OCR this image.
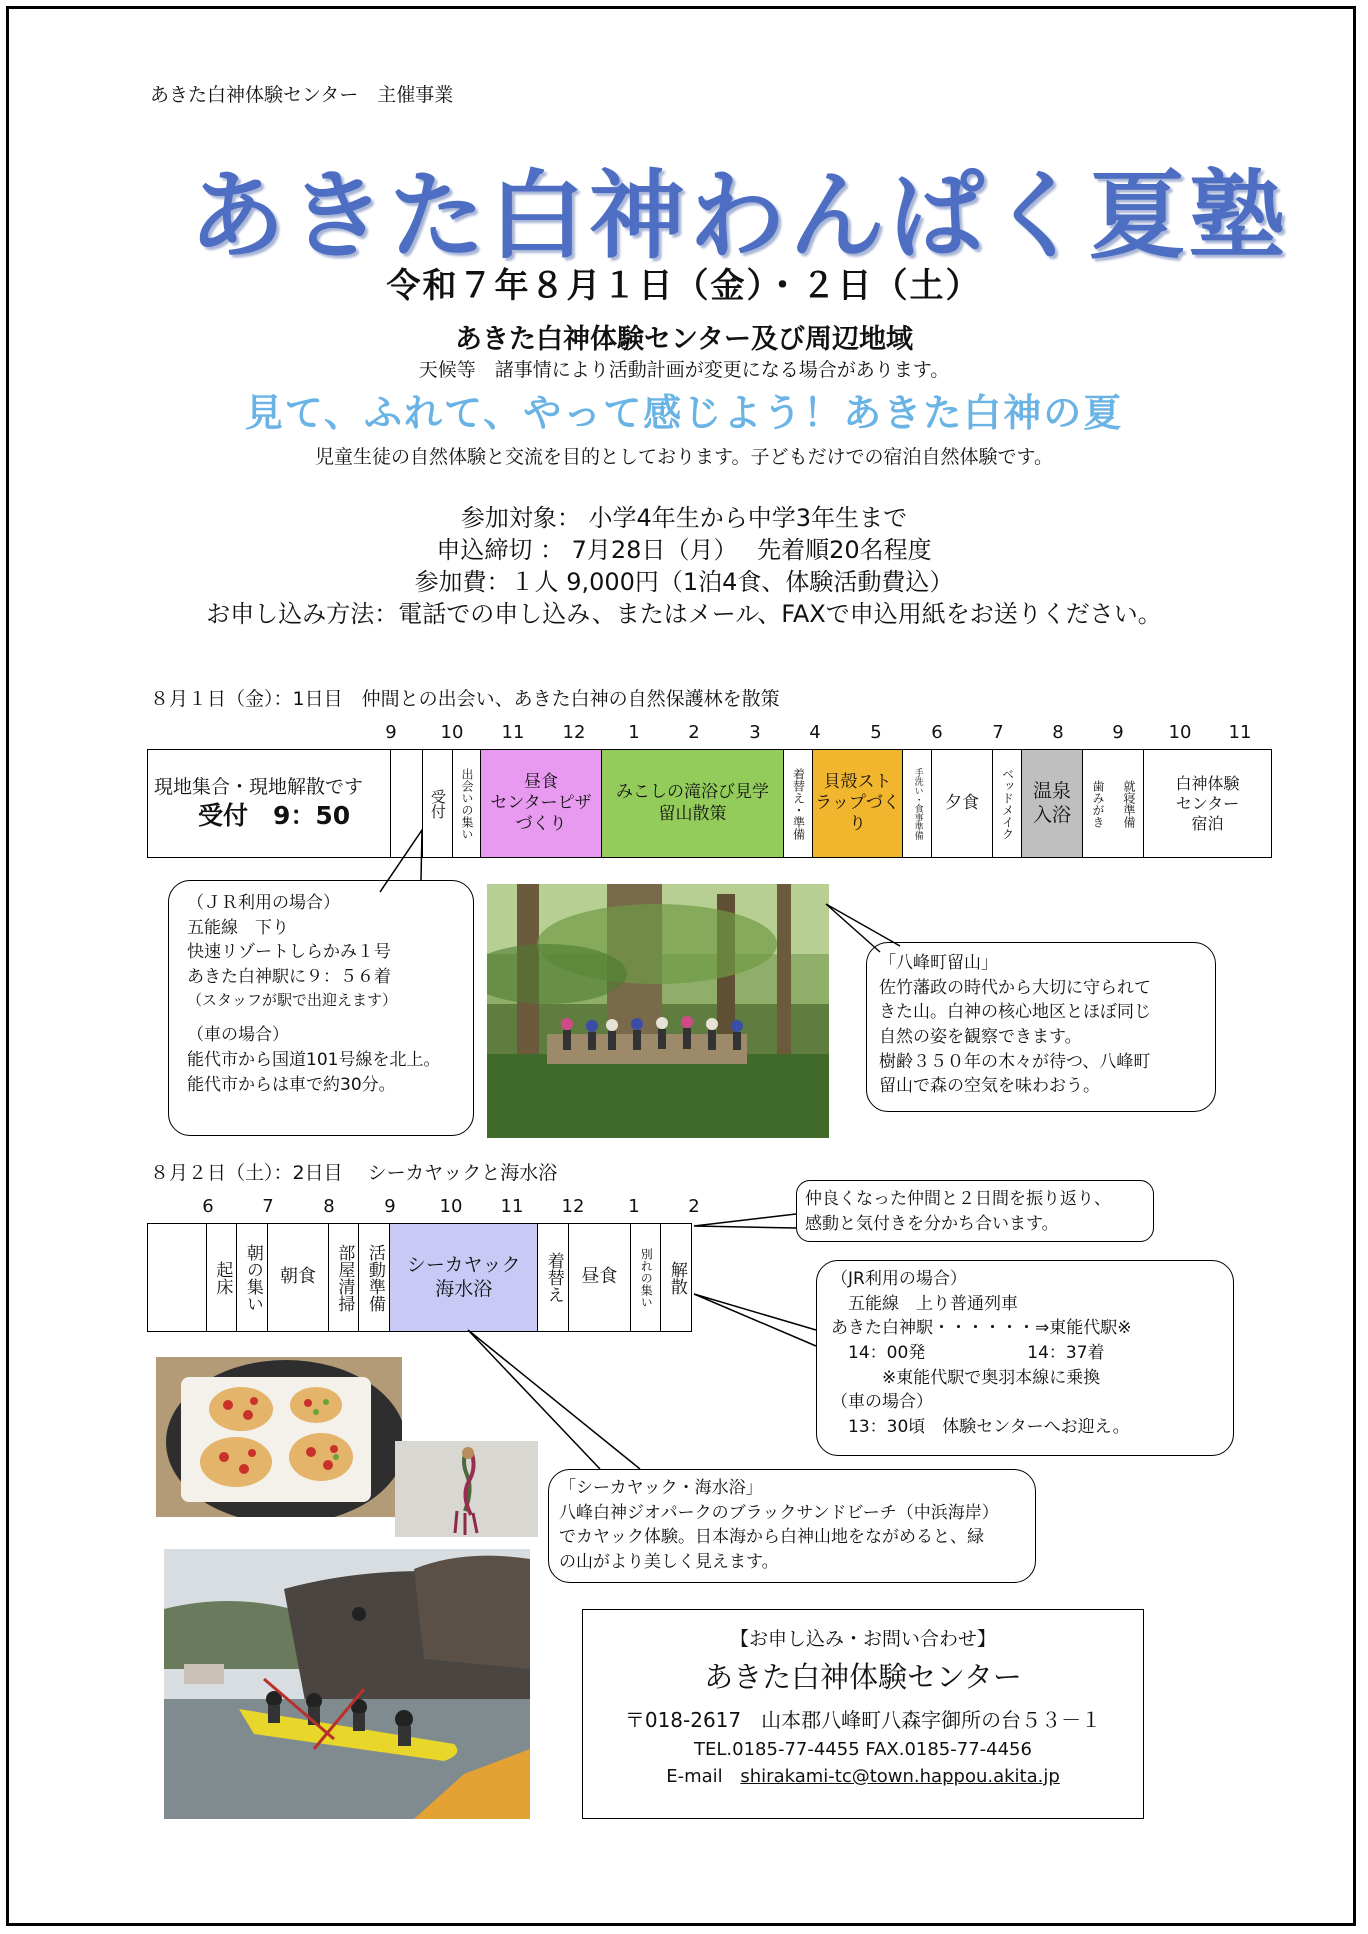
あきた白神体験センター　主催事業
あきた白神わんぱく夏塾
令和７年８月１日（金）・２日（土）
あきた白神体験センター及び周辺地域
天候等　諸事情により活動計画が変更になる場合があります。
見て、ふれて、やって感じよう！あきた白神の夏
児童生徒の自然体験と交流を目的としております。子どもだけでの宿泊自然体験です。
参加対象： 小学4年生から中学3年生まで
申込締切 ： 7月28日（月）　 先着順20名程度
参加費：１人 9,000円（1泊4食、体験活動費込）
お申し込み方法：電話での申し込み、またはメール、FAXで申込用紙をお送りください。
８月１日（金）：1日目　仲間との出会い、あきた白神の自然保護林を散策
9 10 11 12 1	2	3	4	5	6	7	8	9 10 11
現地集合・現地解散です
受付　9：50		受付	出会いの集い	昼食
センターピザ
づくり

みこしの滝浴び見学
留山散策	着替え・準備	貝殻スト
ラップづくり	手洗い・食事準備	夕食	ベッドメイク	温泉
入浴	歯みがき 就寝準備	白神体験
センター
宿泊
（ＪＲ利用の場合）
五能線　下り
快速リゾートしらかみ１号
あきた白神駅に９：５６着
（スタッフが駅で出迎えます）
（車の場合）
能代市から国道101号線を北上。
能代市からは車で約30分。
「八峰町留山」
佐竹藩政の時代から大切に守られて
きた山。白神の核心地区とほぼ同じ
自然の姿を観察できます。
樹齢３５０年の木々が待つ、八峰町
留山で森の空気を味わおう。
８月２日（土）：2日目　 シーカヤックと海水浴
6	7	8	9 10 11 12 1	2

起床	朝の集い	朝食	部屋清掃	活動準備	シーカヤック
海水浴	着替え	昼食	別れの集い	解散
仲良くなった仲間と２日間を振り返り、
感動と気付きを分かち合います。
（JR利用の場合）
　五能線　上り普通列車
あきた白神駅・・・・・・⇒東能代駅※
　14：00発　　　　　　14：37着
　　　※東能代駅で奥羽本線に乗換
（車の場合）
　13：30頃　体験センターへお迎え。
「シーカヤック・海水浴」
八峰白神ジオパークのブラックサンドビーチ（中浜海岸）
でカヤック体験。日本海から白神山地をながめると、緑
の山がより美しく見えます。
【お申し込み・お問い合わせ】
あきた白神体験センター
〒018-2617　山本郡八峰町八森字御所の台５３－１
TEL.0185-77-4455 FAX.0185-77-4456
E-mail shirakami-tc@town.happou.akita.jp
